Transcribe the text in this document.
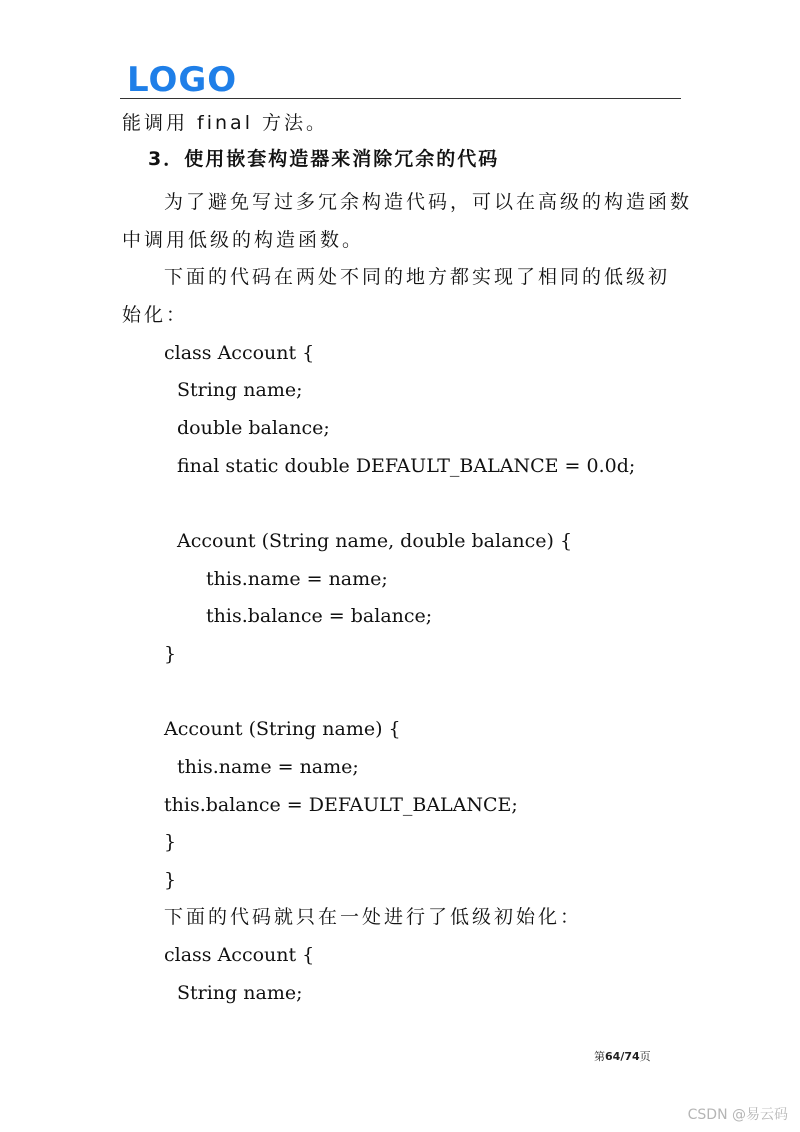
LOGO
能调用 final 方法。
3．使用嵌套构造器来消除冗余的代码
为了避免写过多冗余构造代码，可以在高级的构造函数
中调用低级的构造函数。
下面的代码在两处不同的地方都实现了相同的低级初
始化：
class Account {
String name;
double balance;
final static double DEFAULT_BALANCE = 0.0d;
Account (String name, double balance) {
this.name = name;
this.balance = balance;
}
Account (String name) {
this.name = name;
this.balance = DEFAULT_BALANCE;
}
}
下面的代码就只在一处进行了低级初始化：
class Account {
String name;
第64/74页
CSDN @易云码
